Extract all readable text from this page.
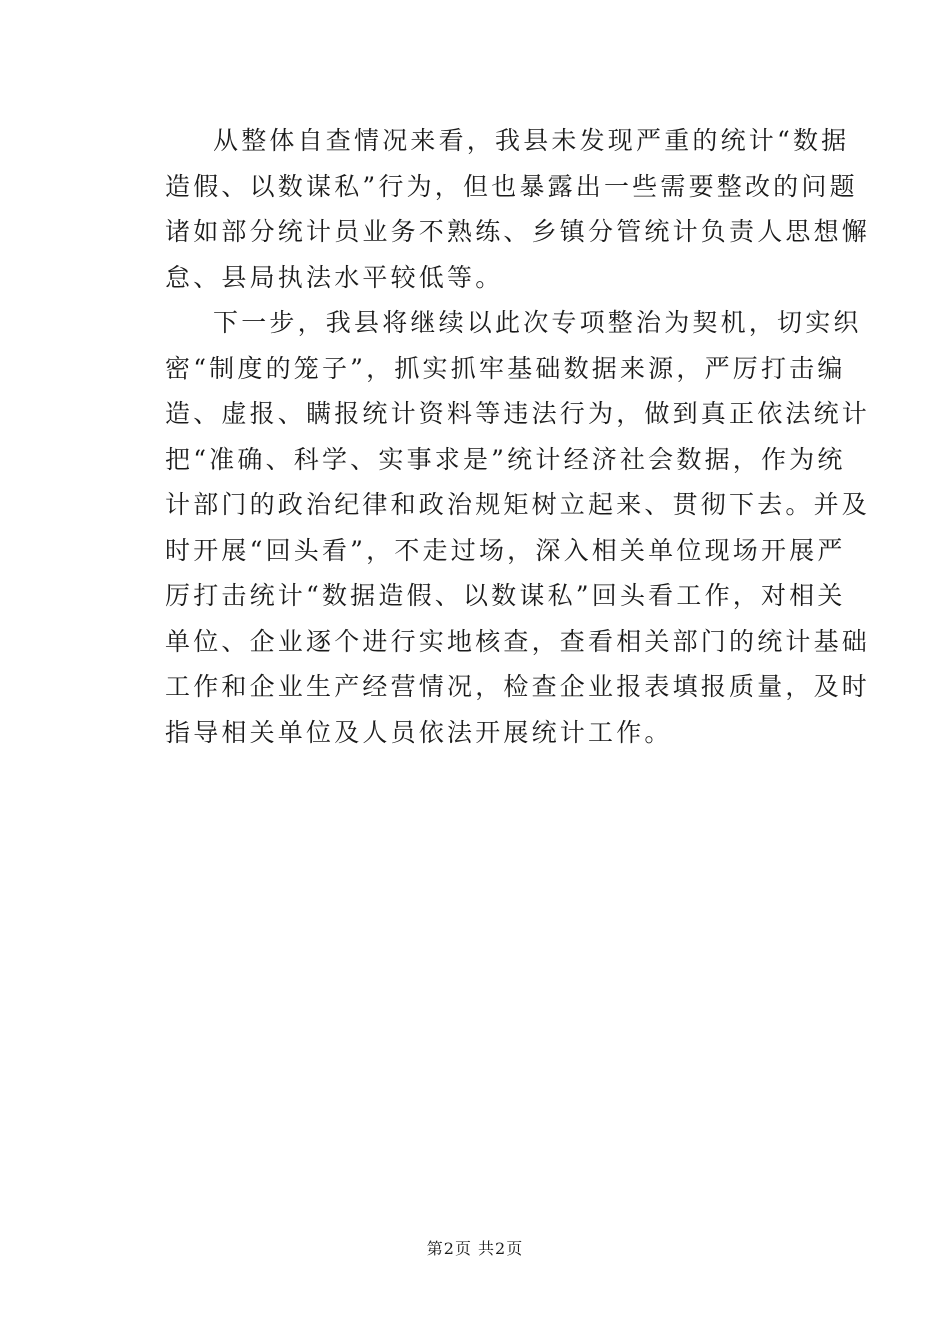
从整体自查情况来看，我县未发现严重的统计“数据
造假、以数谋私”行为，但也暴露出一些需要整改的问题
诸如部分统计员业务不熟练、乡镇分管统计负责人思想懈
怠、县局执法水平较低等。
下一步，我县将继续以此次专项整治为契机，切实织
密“制度的笼子”，抓实抓牢基础数据来源，严厉打击编
造、虚报、瞒报统计资料等违法行为，做到真正依法统计
把“准确、科学、实事求是”统计经济社会数据，作为统
计部门的政治纪律和政治规矩树立起来、贯彻下去。并及
时开展“回头看”，不走过场，深入相关单位现场开展严
厉打击统计“数据造假、以数谋私”回头看工作，对相关
单位、企业逐个进行实地核查，查看相关部门的统计基础
工作和企业生产经营情况，检查企业报表填报质量，及时
指导相关单位及人员依法开展统计工作。
第2页 共2页
